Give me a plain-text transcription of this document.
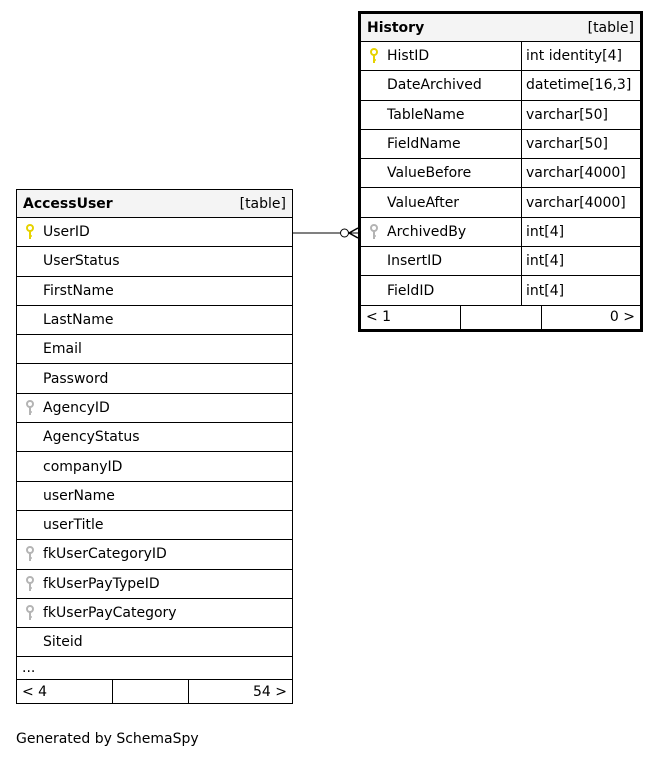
AccessUser	[table]
UserID
UserStatus
FirstName
LastName
Email
Password
AgencyID
AgencyStatus
companyID
userName
userTitle
fkUserCategoryID
fkUserPayTypeID
fkUserPayCategory
Siteid
...
< 4	54 >
History	[table]
HistID	int identity[4]
DateArchived	datetime[16,3]
TableName	varchar[50]
FieldName	varchar[50]
ValueBefore	varchar[4000]
ValueAfter	varchar[4000]
ArchivedBy	int[4]
InsertID	int[4]
FieldID	int[4]
< 1	0 >
Generated by SchemaSpy
